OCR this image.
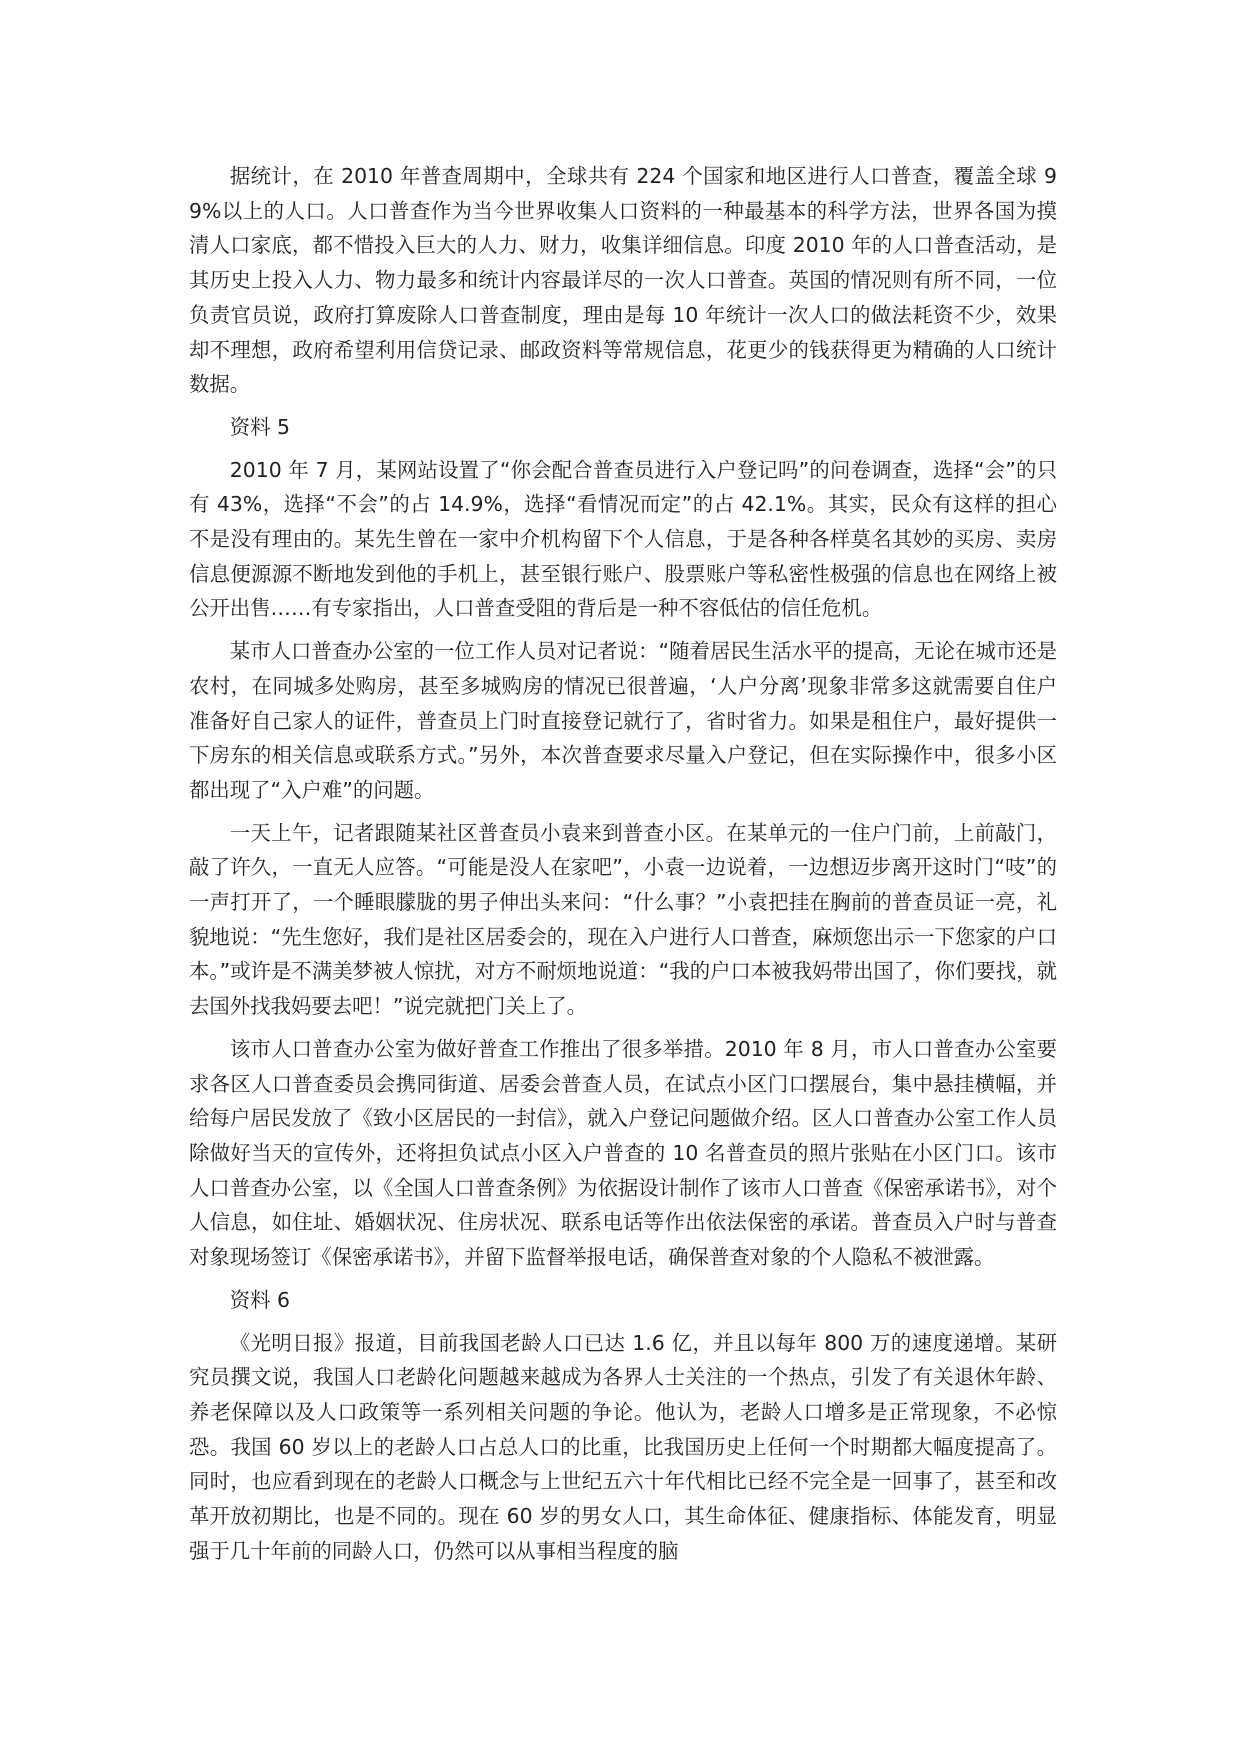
据统计，在 2010 年普查周期中，全球共有 224 个国家和地区进行人口普查，覆盖全球 99%以上的人口。人口普查作为当今世界收集人口资料的一种最基本的科学方法，世界各国为摸清人口家底，都不惜投入巨大的人力、财力，收集详细信息。印度 2010 年的人口普查活动，是其历史上投入人力、物力最多和统计内容最详尽的一次人口普查。英国的情况则有所不同，一位负责官员说，政府打算废除人口普查制度，理由是每 10 年统计一次人口的做法耗资不少，效果却不理想，政府希望利用信贷记录、邮政资料等常规信息，花更少的钱获得更为精确的人口统计数据。

资料 5

2010 年 7 月，某网站设置了“你会配合普查员进行入户登记吗”的问卷调查，选择“会”的只有 43%，选择“不会”的占 14.9%，选择“看情况而定”的占 42.1%。其实，民众有这样的担心不是没有理由的。某先生曾在一家中介机构留下个人信息，于是各种各样莫名其妙的买房、卖房信息便源源不断地发到他的手机上，甚至银行账户、股票账户等私密性极强的信息也在网络上被公开出售……有专家指出，人口普查受阻的背后是一种不容低估的信任危机。

某市人口普查办公室的一位工作人员对记者说：“随着居民生活水平的提高，无论在城市还是农村，在同城多处购房，甚至多城购房的情况已很普遍，‘人户分离’现象非常多这就需要自住户准备好自己家人的证件，普查员上门时直接登记就行了，省时省力。如果是租住户，最好提供一下房东的相关信息或联系方式。”另外，本次普查要求尽量入户登记，但在实际操作中，很多小区都出现了“入户难”的问题。

一天上午，记者跟随某社区普查员小袁来到普查小区。在某单元的一住户门前，上前敲门，敲了许久，一直无人应答。“可能是没人在家吧”，小袁一边说着，一边想迈步离开这时门“吱”的一声打开了，一个睡眼朦胧的男子伸出头来问：“什么事？”小袁把挂在胸前的普查员证一亮，礼貌地说：“先生您好，我们是社区居委会的，现在入户进行人口普查，麻烦您出示一下您家的户口本。”或许是不满美梦被人惊扰，对方不耐烦地说道：“我的户口本被我妈带出国了，你们要找，就去国外找我妈要去吧！”说完就把门关上了。

该市人口普查办公室为做好普查工作推出了很多举措。2010 年 8 月，市人口普查办公室要求各区人口普查委员会携同街道、居委会普查人员，在试点小区门口摆展台，集中悬挂横幅，并给每户居民发放了《致小区居民的一封信》，就入户登记问题做介绍。区人口普查办公室工作人员除做好当天的宣传外，还将担负试点小区入户普查的 10 名普查员的照片张贴在小区门口。该市人口普查办公室，以《全国人口普查条例》为依据设计制作了该市人口普查《保密承诺书》，对个人信息，如住址、婚姻状况、住房状况、联系电话等作出依法保密的承诺。普查员入户时与普查对象现场签订《保密承诺书》，并留下监督举报电话，确保普查对象的个人隐私不被泄露。

资料 6

《光明日报》报道，目前我国老龄人口已达 1.6 亿，并且以每年 800 万的速度递增。某研究员撰文说，我国人口老龄化问题越来越成为各界人士关注的一个热点，引发了有关退休年龄、养老保障以及人口政策等一系列相关问题的争论。他认为，老龄人口增多是正常现象，不必惊恐。我国 60 岁以上的老龄人口占总人口的比重，比我国历史上任何一个时期都大幅度提高了。同时，也应看到现在的老龄人口概念与上世纪五六十年代相比已经不完全是一回事了，甚至和改革开放初期比，也是不同的。现在 60 岁的男女人口，其生命体征、健康指标、体能发育，明显强于几十年前的同龄人口，仍然可以从事相当程度的脑
